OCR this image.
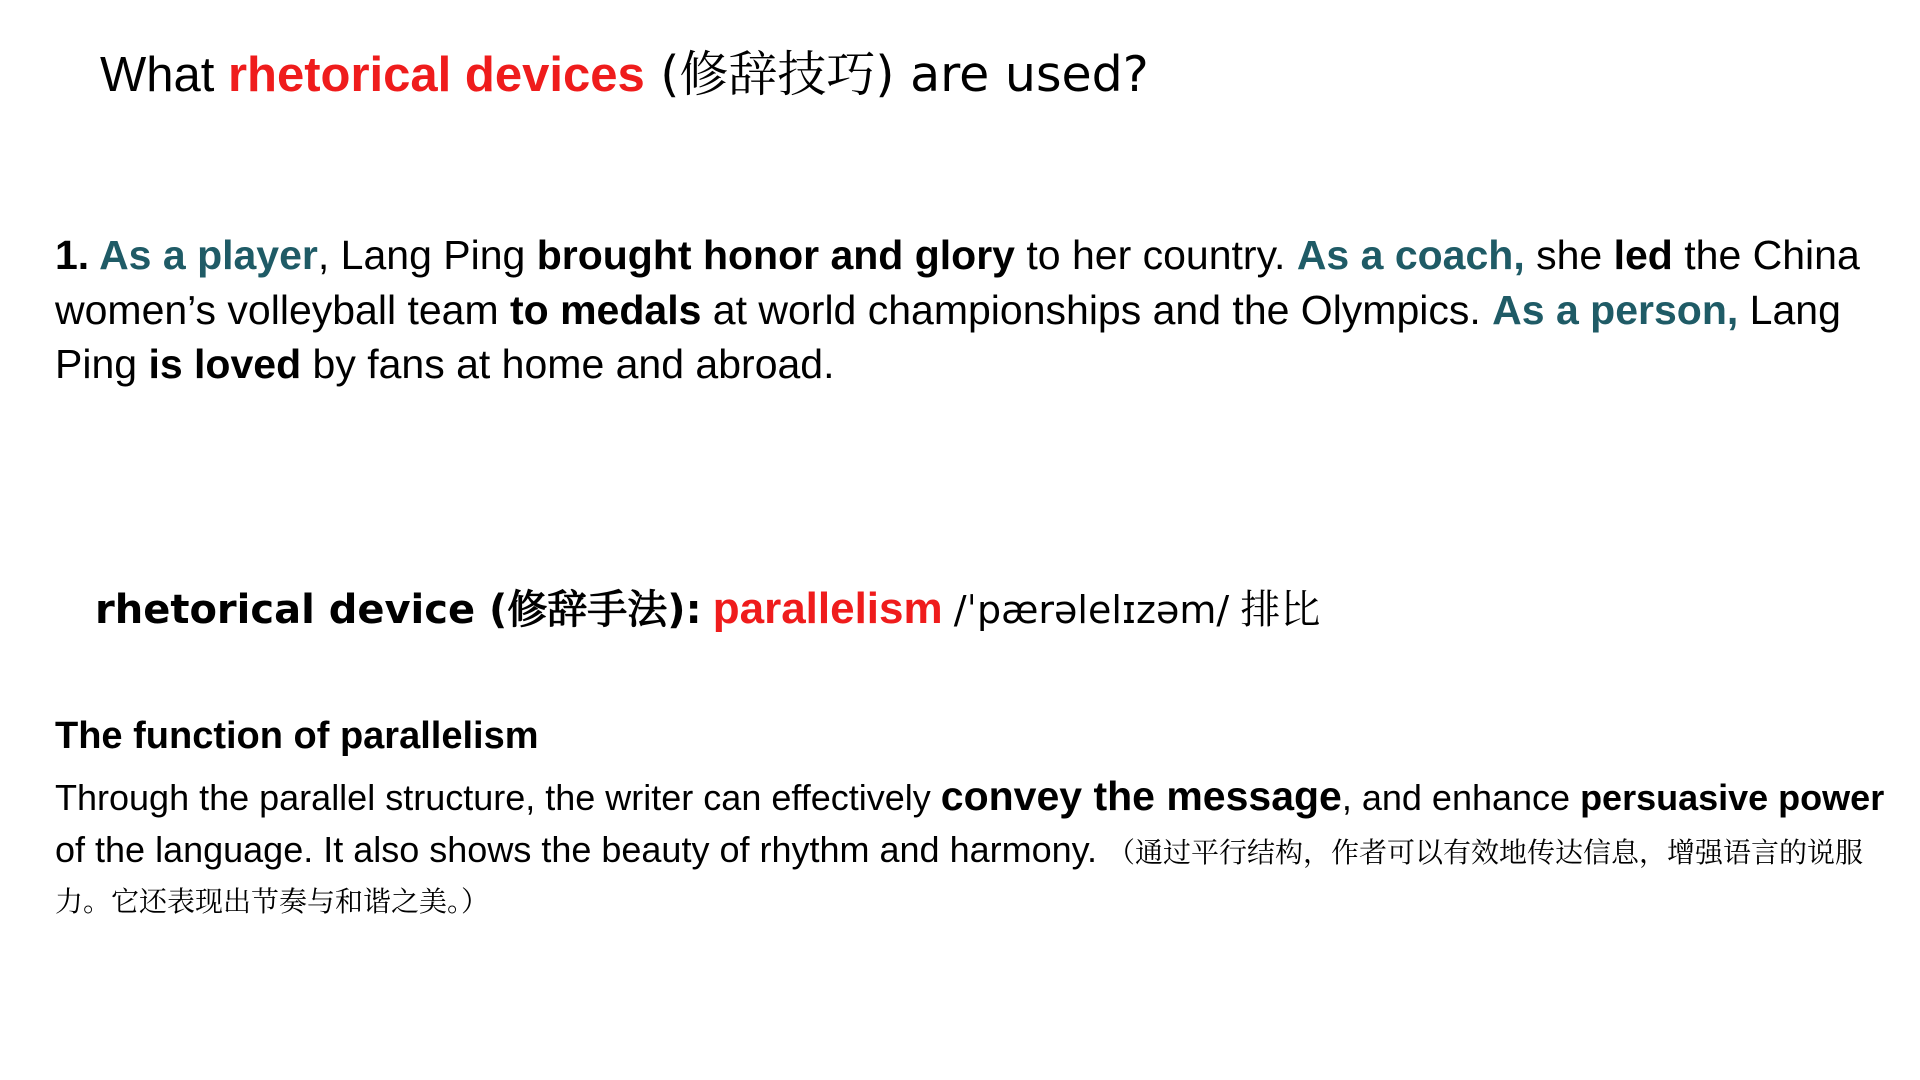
What rhetorical devices (修辞技巧) are used?
1. As a player, Lang Ping brought honor and glory to her country. As a coach, she led the China women’s volleyball team to medals at world championships and the Olympics. As a person, Lang Ping is loved by fans at home and abroad.
rhetorical device (修辞手法): parallelism /ˈpærəlelɪzəm/ 排比
The function of parallelism
Through the parallel structure, the writer can effectively convey the message, and enhance persuasive power of the language. It also shows the beauty of rhythm and harmony. （通过平行结构，作者可以有效地传达信息，增强语言的说服力。它还表现出节奏与和谐之美。）
